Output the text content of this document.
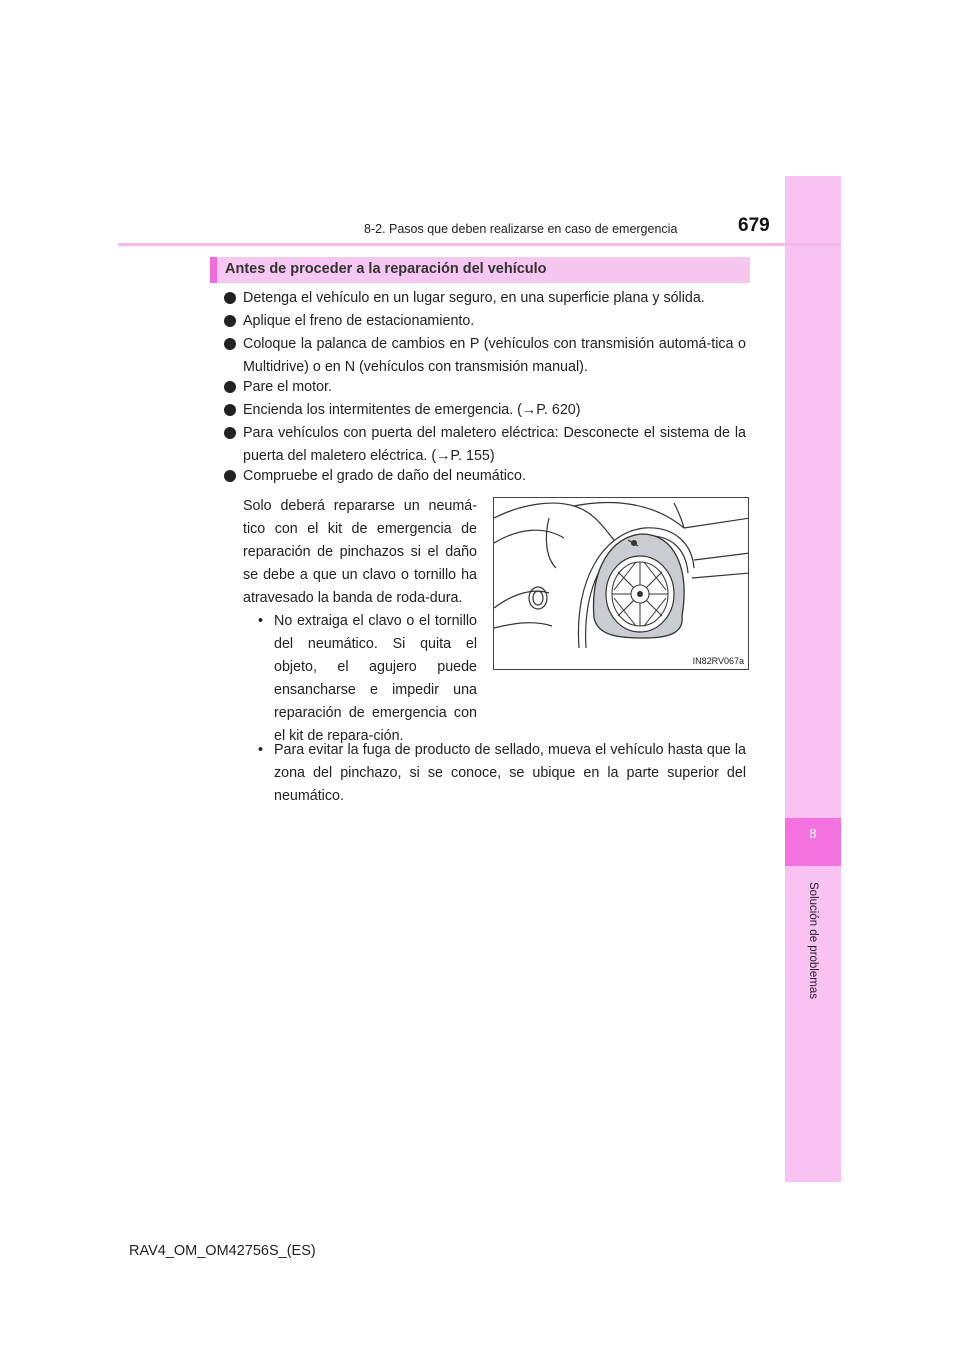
8
Solución de problemas
8-2. Pasos que deben realizarse en caso de emergencia	679
Antes de proceder a la reparación del vehículo
Detenga el vehículo en un lugar seguro, en una superficie plana y sólida.
Aplique el freno de estacionamiento.
Coloque la palanca de cambios en P (vehículos con transmisión automá-tica o Multidrive) o en N (vehículos con transmisión manual).
Pare el motor.
Encienda los intermitentes de emergencia. (→P. 620)
Para vehículos con puerta del maletero eléctrica: Desconecte el sistema de la puerta del maletero eléctrica. (→P. 155)
Compruebe el grado de daño del neumático.
Solo deberá repararse un neumá-tico con el kit de emergencia de reparación de pinchazos si el daño se debe a que un clavo o tornillo ha atravesado la banda de roda-dura.
• No extraiga el clavo o el tornillo del neumático. Si quita el objeto, el agujero puede ensancharse e impedir una reparación de emergencia con el kit de repara-ción.
• Para evitar la fuga de producto de sellado, mueva el vehículo hasta que la zona del pinchazo, si se conoce, se ubique en la parte superior del neumático.
IN82RV067a
RAV4_OM_OM42756S_(ES)
